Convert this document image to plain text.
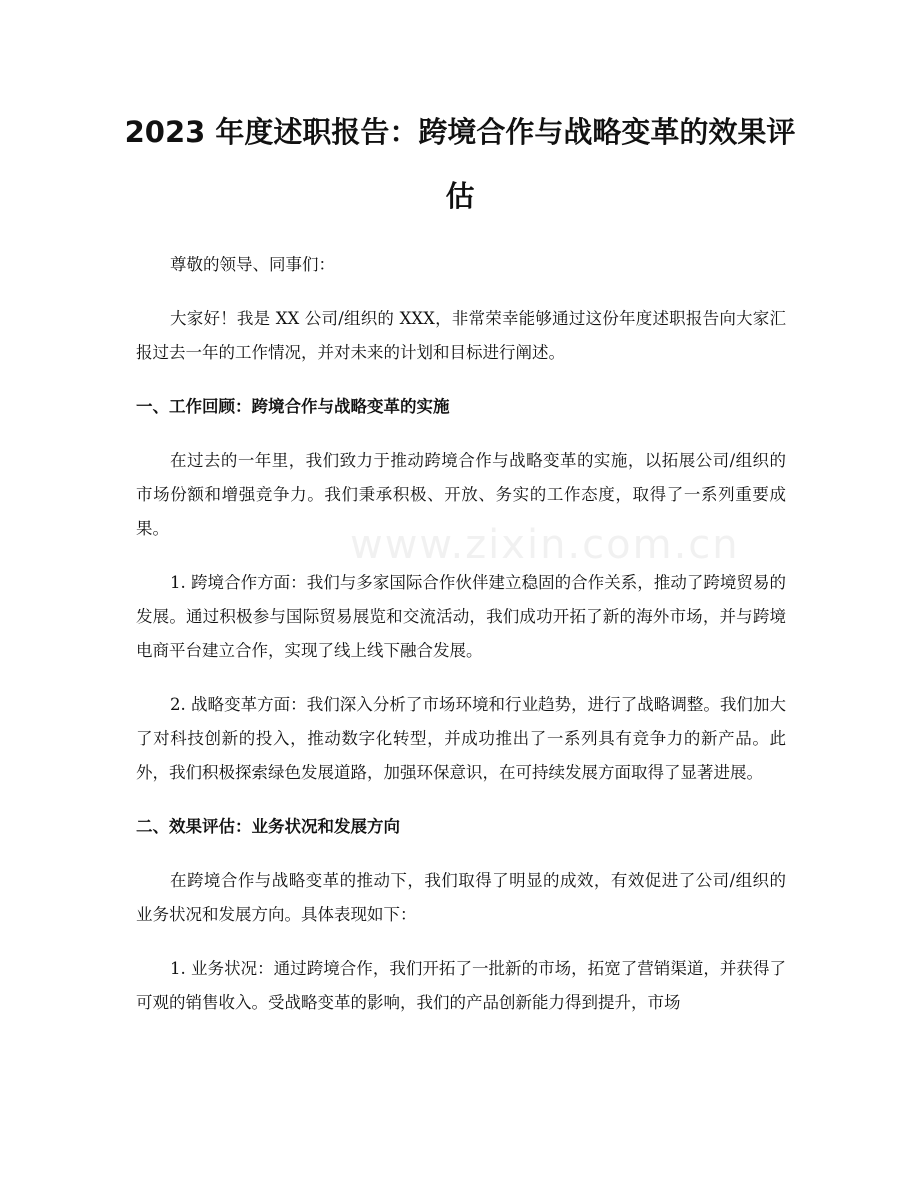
2023 年度述职报告：跨境合作与战略变革的效果评估
www.zixin.com.cn

尊敬的领导、同事们：

大家好！我是 XX 公司/组织的 XXX，非常荣幸能够通过这份年度述职报告向大家汇报过去一年的工作情况，并对未来的计划和目标进行阐述。

一、工作回顾：跨境合作与战略变革的实施

在过去的一年里，我们致力于推动跨境合作与战略变革的实施，以拓展公司/组织的市场份额和增强竞争力。我们秉承积极、开放、务实的工作态度，取得了一系列重要成果。

1. 跨境合作方面：我们与多家国际合作伙伴建立稳固的合作关系，推动了跨境贸易的发展。通过积极参与国际贸易展览和交流活动，我们成功开拓了新的海外市场，并与跨境电商平台建立合作，实现了线上线下融合发展。

2. 战略变革方面：我们深入分析了市场环境和行业趋势，进行了战略调整。我们加大了对科技创新的投入，推动数字化转型，并成功推出了一系列具有竞争力的新产品。此外，我们积极探索绿色发展道路，加强环保意识，在可持续发展方面取得了显著进展。

二、效果评估：业务状况和发展方向

在跨境合作与战略变革的推动下，我们取得了明显的成效，有效促进了公司/组织的业务状况和发展方向。具体表现如下：

1. 业务状况：通过跨境合作，我们开拓了一批新的市场，拓宽了营销渠道，并获得了可观的销售收入。受战略变革的影响，我们的产品创新能力得到提升，市场
